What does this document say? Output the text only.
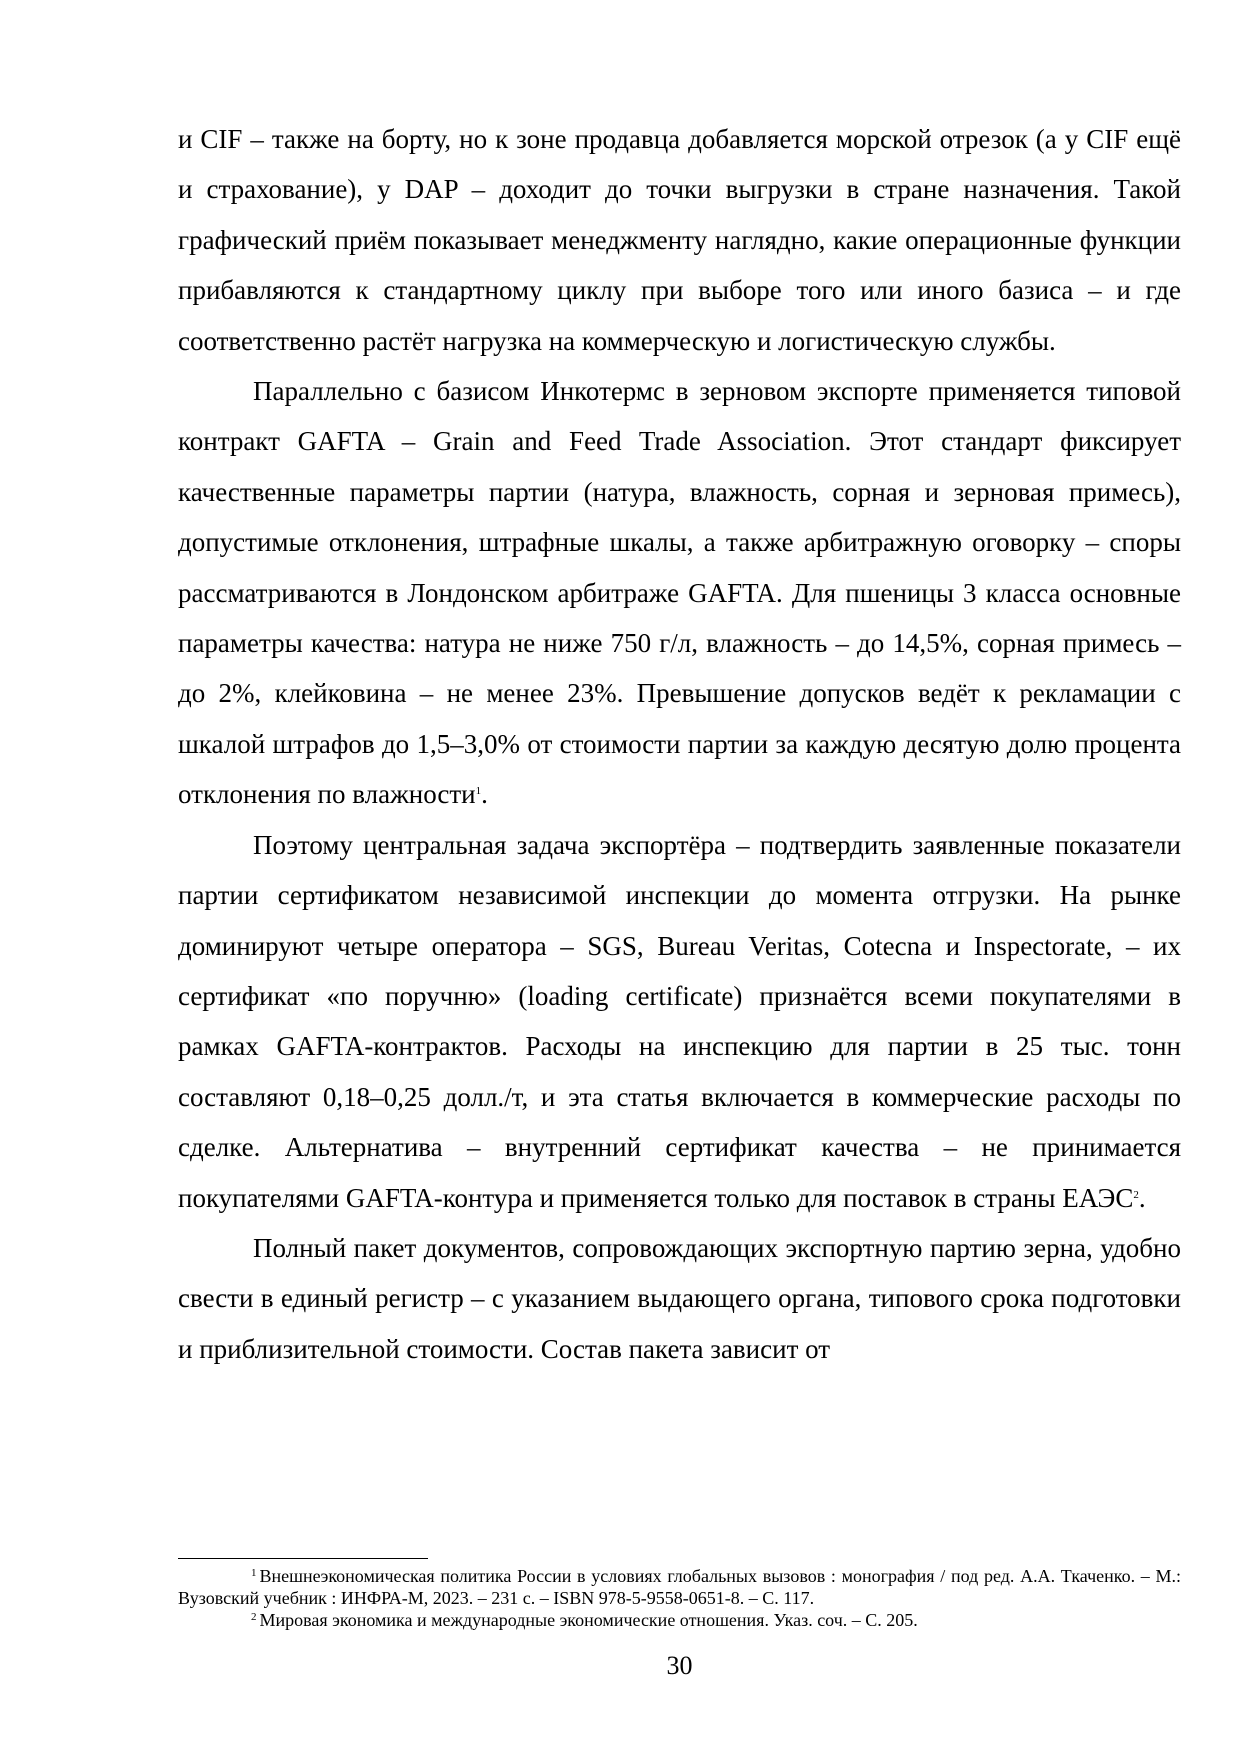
и CIF – также на борту, но к зоне продавца добавляется морской отрезок (а у CIF ещё и страхование), у DAP – доходит до точки выгрузки в стране назначения. Такой графический приём показывает менеджменту наглядно, какие операционные функции прибавляются к стандартному циклу при выборе того или иного базиса – и где соответственно растёт нагрузка на коммерческую и логистическую службы.

Параллельно с базисом Инкотермс в зерновом экспорте применяется типовой контракт GAFTA – Grain and Feed Trade Association. Этот стандарт фиксирует качественные параметры партии (натура, влажность, сорная и зерновая примесь), допустимые отклонения, штрафные шкалы, а также арбитражную оговорку – споры рассматриваются в Лондонском арбитраже GAFTA. Для пшеницы 3 класса основные параметры качества: натура не ниже 750 г/л, влажность – до 14,5%, сорная примесь – до 2%, клейковина – не менее 23%. Превышение допусков ведёт к рекламации с шкалой штрафов до 1,5–3,0% от стоимости партии за каждую десятую долю процента отклонения по влажности$^1$.

Поэтому центральная задача экспортёра – подтвердить заявленные показатели партии сертификатом независимой инспекции до момента отгрузки. На рынке доминируют четыре оператора – SGS, Bureau Veritas, Cotecna и Inspectorate, – их сертификат «по поручню» (loading certificate) признаётся всеми покупателями в рамках GAFTA-контрактов. Расходы на инспекцию для партии в 25 тыс. тонн составляют 0,18–0,25 долл./т, и эта статья включается в коммерческие расходы по сделке. Альтернатива – внутренний сертификат качества – не принимается покупателями GAFTA-контура и применяется только для поставок в страны ЕАЭС$^2$.

Полный пакет документов, сопровождающих экспортную партию зерна, удобно свести в единый регистр – с указанием выдающего органа, типового срока подготовки и приблизительной стоимости. Состав пакета зависит от

$^1$ Внешнеэкономическая политика России в условиях глобальных вызовов : монография / под ред. А.А. Ткаченко. – М.: Вузовский учебник : ИНФРА-М, 2023. – 231 с. – ISBN 978-5-9558-0651-8. – С. 117.

$^2$ Мировая экономика и международные экономические отношения. Указ. соч. – С. 205.

30
